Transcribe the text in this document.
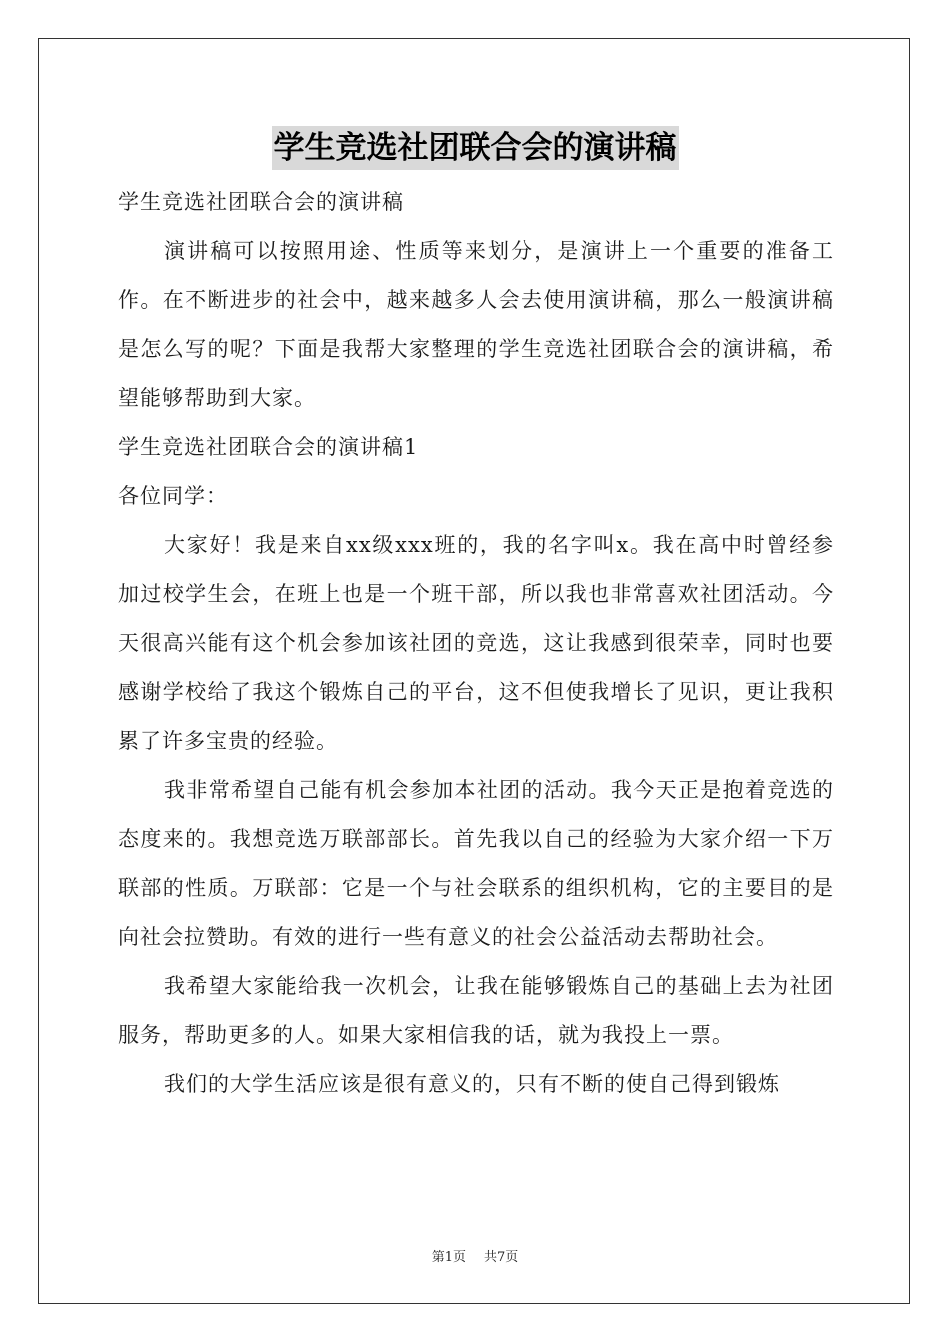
学生竞选社团联合会的演讲稿

学生竞选社团联合会的演讲稿

演讲稿可以按照用途、性质等来划分，是演讲上一个重要的准备工作。在不断进步的社会中，越来越多人会去使用演讲稿，那么一般演讲稿是怎么写的呢？下面是我帮大家整理的学生竞选社团联合会的演讲稿，希望能够帮助到大家。

学生竞选社团联合会的演讲稿1

各位同学：

大家好！我是来自xx级xxx班的，我的名字叫x。我在高中时曾经参加过校学生会，在班上也是一个班干部，所以我也非常喜欢社团活动。今天很高兴能有这个机会参加该社团的竞选，这让我感到很荣幸，同时也要感谢学校给了我这个锻炼自己的平台，这不但使我增长了见识，更让我积累了许多宝贵的经验。

我非常希望自己能有机会参加本社团的活动。我今天正是抱着竞选的态度来的。我想竞选万联部部长。首先我以自己的经验为大家介绍一下万联部的性质。万联部：它是一个与社会联系的组织机构，它的主要目的是向社会拉赞助。有效的进行一些有意义的社会公益活动去帮助社会。

我希望大家能给我一次机会，让我在能够锻炼自己的基础上去为社团服务，帮助更多的人。如果大家相信我的话，就为我投上一票。

我们的大学生活应该是很有意义的，只有不断的使自己得到锻炼

第1页 共7页
